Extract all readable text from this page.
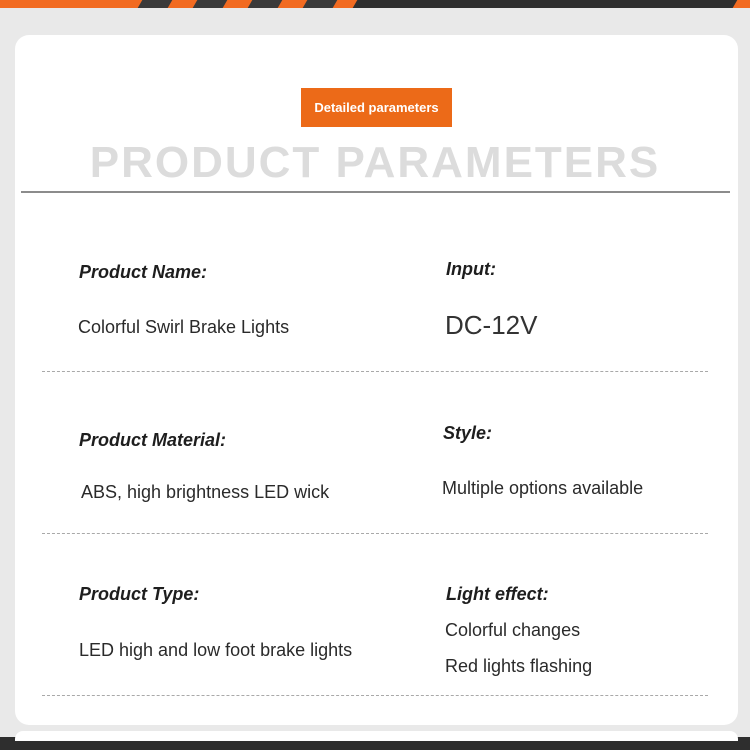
Detailed parameters
PRODUCT PARAMETERS
Product Name:
Colorful Swirl Brake Lights
Input:
DC-12V
Product Material:
ABS, high brightness LED wick
Style:
Multiple options available
Product Type:
LED high and low foot brake lights
Light effect:
Colorful changes
Red lights flashing
